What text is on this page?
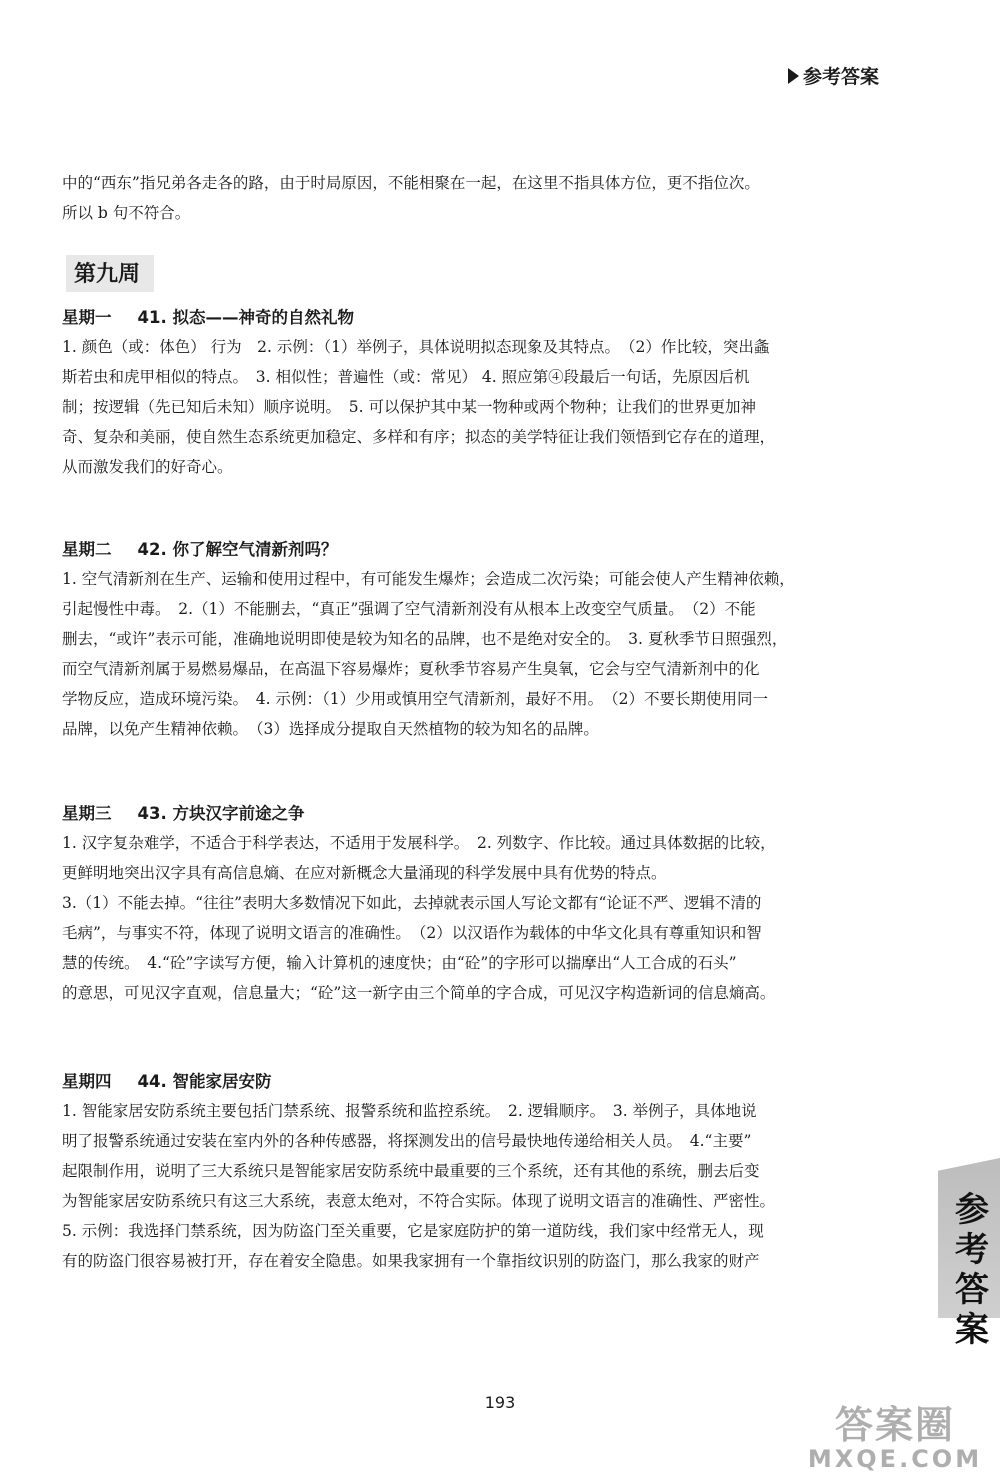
参考答案
中的“西东”指兄弟各走各的路，由于时局原因，不能相聚在一起，在这里不指具体方位，更不指位次。
所以 b 句不符合。
第九周
星期一 41. 拟态——神奇的自然礼物
1. 颜色（或：体色） 行为　2. 示例：（1）举例子，具体说明拟态现象及其特点。　（2）作比较，突出螽
斯若虫和虎甲相似的特点。　3. 相似性；普遍性（或：常见） 4. 照应第④段最后一句话，先原因后机
制；按逻辑（先已知后未知）顺序说明。　5. 可以保护其中某一物种或两个物种；让我们的世界更加神
奇、复杂和美丽，使自然生态系统更加稳定、多样和有序；拟态的美学特征让我们领悟到它存在的道理，
从而激发我们的好奇心。
星期二 42. 你了解空气清新剂吗？
1. 空气清新剂在生产、运输和使用过程中，有可能发生爆炸；会造成二次污染；可能会使人产生精神依赖，
引起慢性中毒。　2.（1）不能删去，“真正”强调了空气清新剂没有从根本上改变空气质量。　（2）不能
删去，“或许”表示可能，准确地说明即使是较为知名的品牌，也不是绝对安全的。　3. 夏秋季节日照强烈，
而空气清新剂属于易燃易爆品，在高温下容易爆炸；夏秋季节容易产生臭氧，它会与空气清新剂中的化
学物反应，造成环境污染。　4. 示例：（1）少用或慎用空气清新剂，最好不用。　（2）不要长期使用同一
品牌，以免产生精神依赖。　（3）选择成分提取自天然植物的较为知名的品牌。
星期三 43. 方块汉字前途之争
1. 汉字复杂难学，不适合于科学表达，不适用于发展科学。　2. 列数字、作比较。通过具体数据的比较，
更鲜明地突出汉字具有高信息熵、在应对新概念大量涌现的科学发展中具有优势的特点。
3.（1）不能去掉。“往往”表明大多数情况下如此，去掉就表示国人写论文都有“论证不严、逻辑不清的
毛病”，与事实不符，体现了说明文语言的准确性。　（2）以汉语作为载体的中华文化具有尊重知识和智
慧的传统。　4.“砼”字读写方便，输入计算机的速度快；由“砼”的字形可以揣摩出“人工合成的石头”
的意思，可见汉字直观，信息量大；“砼”这一新字由三个简单的字合成，可见汉字构造新词的信息熵高。
星期四 44. 智能家居安防
1. 智能家居安防系统主要包括门禁系统、报警系统和监控系统。　2. 逻辑顺序。　3. 举例子，具体地说
明了报警系统通过安装在室内外的各种传感器，将探测发出的信号最快地传递给相关人员。　4.“主要”
起限制作用，说明了三大系统只是智能家居安防系统中最重要的三个系统，还有其他的系统，删去后变
为智能家居安防系统只有这三大系统，表意太绝对，不符合实际。体现了说明文语言的准确性、严密性。
5. 示例：我选择门禁系统，因为防盗门至关重要，它是家庭防护的第一道防线，我们家中经常无人，现
有的防盗门很容易被打开，存在着安全隐患。如果我家拥有一个靠指纹识别的防盗门，那么我家的财产
参
考
答
案
193
答案圈
MXQE.COM
